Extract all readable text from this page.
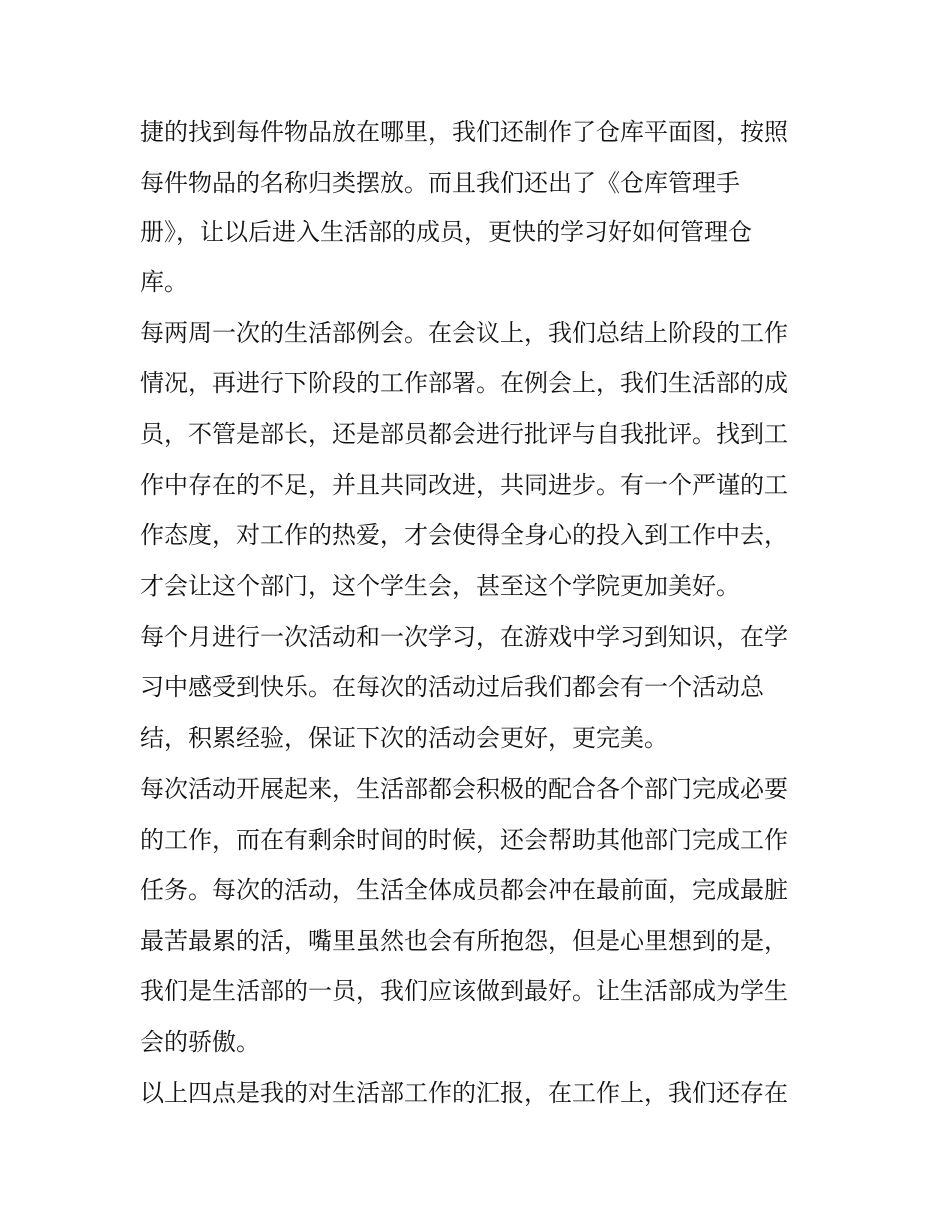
捷的找到每件物品放在哪里，我们还制作了仓库平面图，按照

每件物品的名称归类摆放。而且我们还出了《仓库管理手

册》，让以后进入生活部的成员，更快的学习好如何管理仓

库。

每两周一次的生活部例会。在会议上，我们总结上阶段的工作

情况，再进行下阶段的工作部署。在例会上，我们生活部的成

员，不管是部长，还是部员都会进行批评与自我批评。找到工

作中存在的不足，并且共同改进，共同进步。有一个严谨的工

作态度，对工作的热爱，才会使得全身心的投入到工作中去，

才会让这个部门，这个学生会，甚至这个学院更加美好。

每个月进行一次活动和一次学习，在游戏中学习到知识，在学

习中感受到快乐。在每次的活动过后我们都会有一个活动总

结，积累经验，保证下次的活动会更好，更完美。

每次活动开展起来，生活部都会积极的配合各个部门完成必要

的工作，而在有剩余时间的时候，还会帮助其他部门完成工作

任务。每次的活动，生活全体成员都会冲在最前面，完成最脏

最苦最累的活，嘴里虽然也会有所抱怨，但是心里想到的是，

我们是生活部的一员，我们应该做到最好。让生活部成为学生

会的骄傲。

以上四点是我的对生活部工作的汇报，在工作上，我们还存在
